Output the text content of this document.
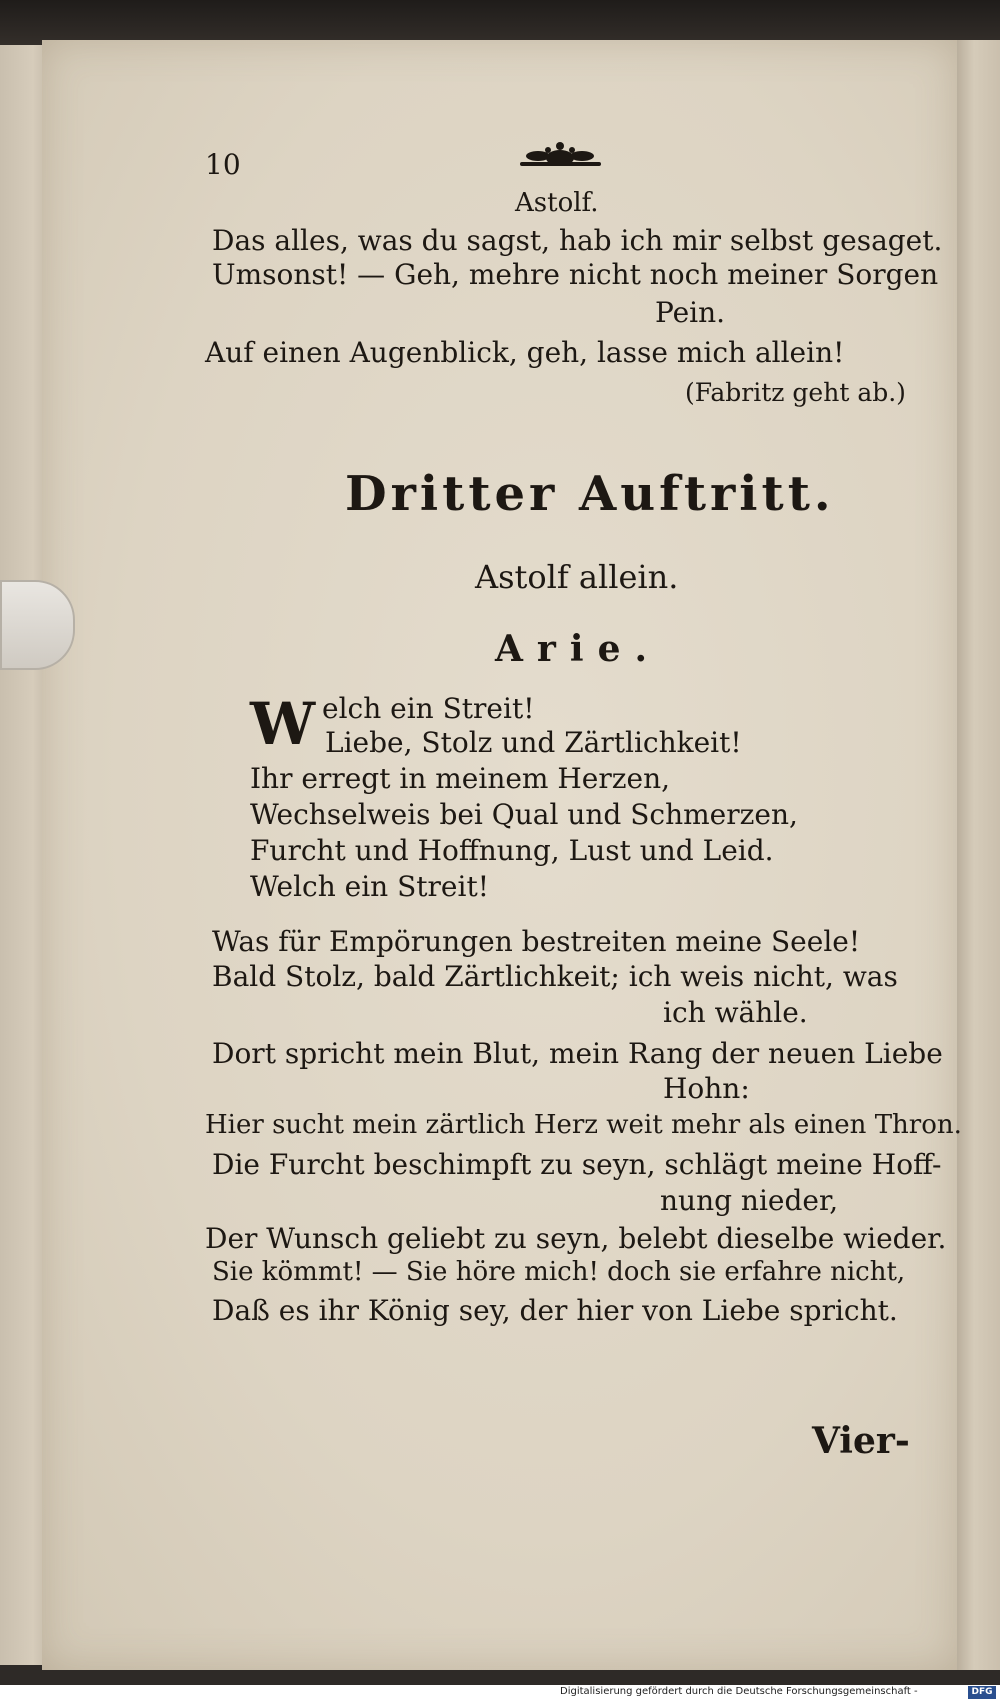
10
Astolf.
Das alles, was du sagst, hab ich mir selbst gesaget.
Umsonst! — Geh, mehre nicht noch meiner Sorgen
Pein.
Auf einen Augenblick, geh, lasse mich allein!
(Fabritz geht ab.)
Dritter Auftritt.
Astolf allein.
Arie.
W elch ein Streit!
Liebe, Stolz und Zärtlichkeit!
Ihr erregt in meinem Herzen,
Wechselweis bei Qual und Schmerzen,
Furcht und Hoffnung, Lust und Leid.
Welch ein Streit!
Was für Empörungen bestreiten meine Seele!
Bald Stolz, bald Zärtlichkeit; ich weis nicht, was
ich wähle.
Dort spricht mein Blut, mein Rang der neuen Liebe
Hohn:
Hier sucht mein zärtlich Herz weit mehr als einen Thron.
Die Furcht beschimpft zu seyn, schlägt meine Hoff-
nung nieder,
Der Wunsch geliebt zu seyn, belebt dieselbe wieder.
Sie kömmt! — Sie höre mich! doch sie erfahre nicht,
Daß es ihr König sey, der hier von Liebe spricht.
Vier-
Digitalisierung gefördert durch die Deutsche Forschungsgemeinschaft -	DFG
